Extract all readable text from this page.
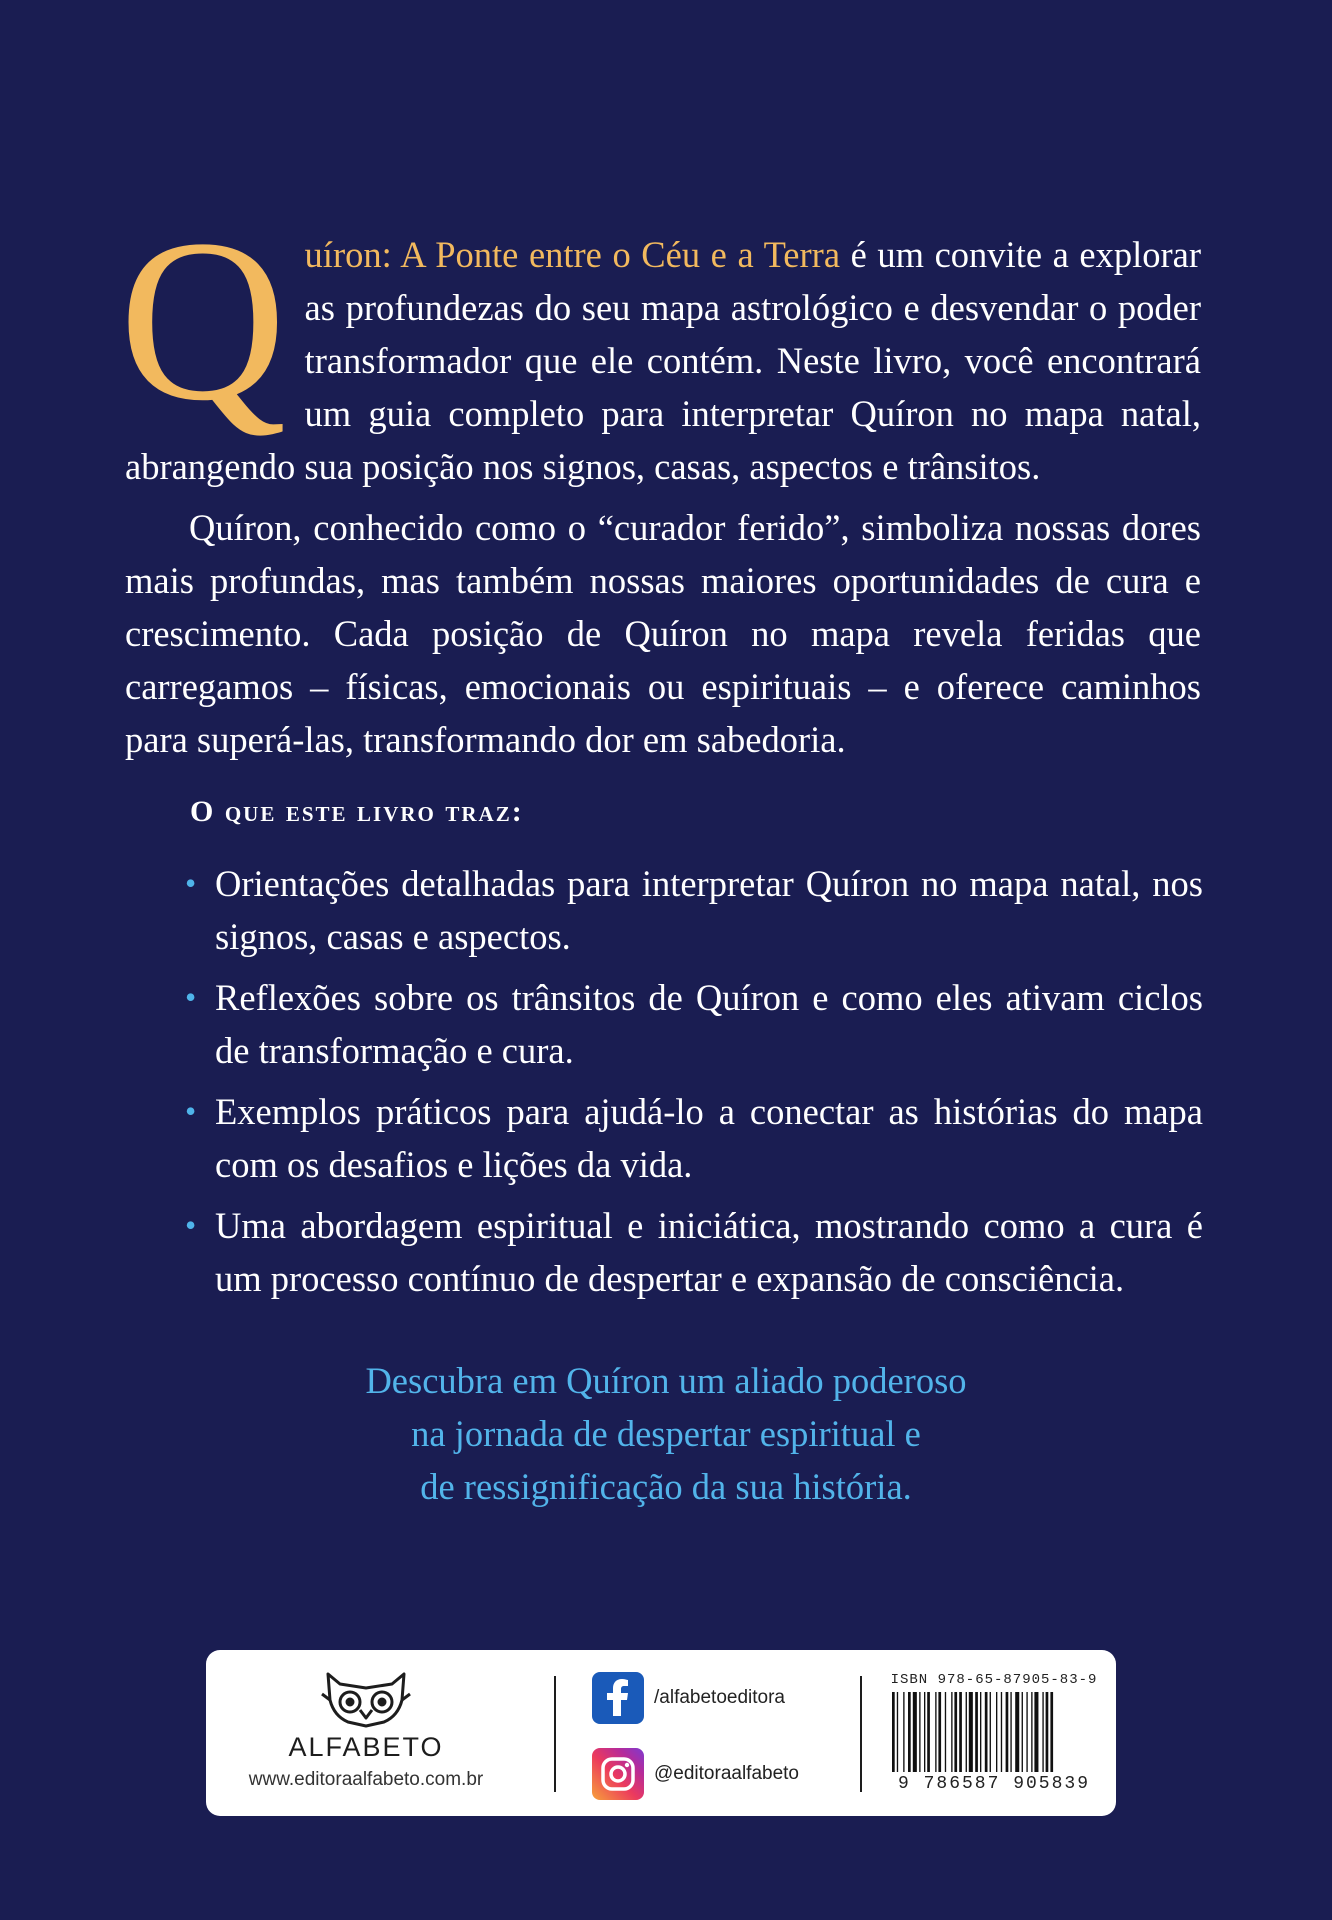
Quíron: A Ponte entre o Céu e a Terra é um convite a explorar as profundezas do seu mapa astrológico e desvendar o poder transformador que ele contém. Neste livro, você encontrará um guia completo para interpretar Quíron no mapa natal, abrangendo sua posição nos signos, casas, aspectos e trânsitos.

Quíron, conhecido como o “curador ferido”, simboliza nossas dores mais profundas, mas também nossas maiores oportunidades de cura e crescimento. Cada posição de Quíron no mapa revela feridas que carregamos – físicas, emocionais ou espirituais – e oferece caminhos para superá-las, transformando dor em sabedoria.

O que este livro traz:
• Orientações detalhadas para interpretar Quíron no mapa natal, nos signos, casas e aspectos.
• Reflexões sobre os trânsitos de Quíron e como eles ativam ciclos de transformação e cura.
• Exemplos práticos para ajudá-lo a conectar as histórias do mapa com os desafios e lições da vida.
• Uma abordagem espiritual e iniciática, mostrando como a cura é um processo contínuo de despertar e expansão de consciência.

Descubra em Quíron um aliado poderoso
na jornada de despertar espiritual e
de ressignificação da sua história.

ALFABETO
www.editoraalfabeto.com.br
/alfabetoeditora
@editoraalfabeto
ISBN 978-65-87905-83-9
9 786587 905839
